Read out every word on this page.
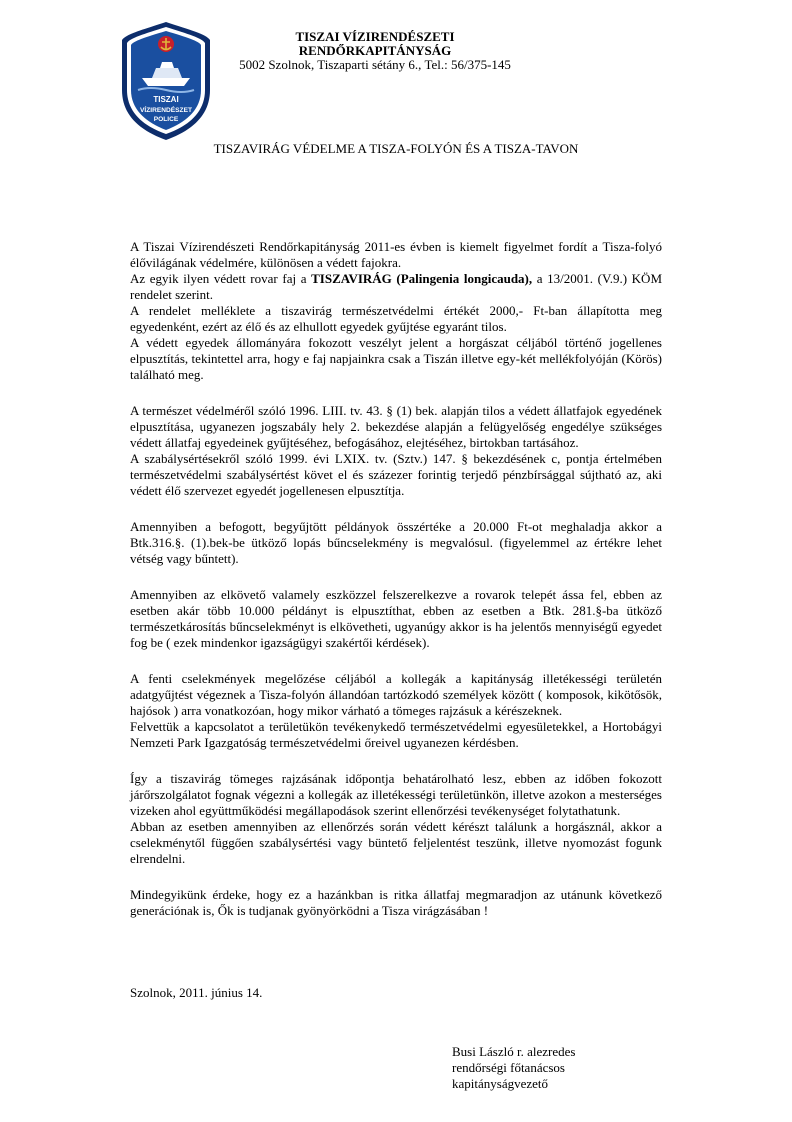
TISZAI
VÍZIRENDÉSZET
POLICE

TISZAI VÍZIRENDÉSZETI

RENDŐRKAPITÁNYSÁG

5002 Szolnok, Tiszaparti sétány 6., Tel.: 56/375-145

TISZAVIRÁG VÉDELME A TISZA-FOLYÓN ÉS A TISZA-TAVON

A Tiszai Vízirendészeti Rendőrkapitányság 2011-es évben is kiemelt figyelmet fordít a Tisza-folyó élővilágának védelmére, különösen a védett fajokra.

Az egyik ilyen védett rovar faj a TISZAVIRÁG (Palingenia longicauda), a 13/2001. (V.9.) KÖM rendelet szerint.

A rendelet melléklete a tiszavirág természetvédelmi értékét 2000,- Ft-ban állapította meg egyedenként, ezért az élő és az elhullott egyedek gyűjtése egyaránt tilos.

A védett egyedek állományára fokozott veszélyt jelent a horgászat céljából történő jogellenes elpusztítás, tekintettel arra, hogy e faj napjainkra csak a Tiszán illetve egy-két mellékfolyóján (Körös) található meg.

A természet védelméről szóló 1996. LIII. tv. 43. § (1) bek. alapján tilos a védett állatfajok egyedének elpusztítása, ugyanezen jogszabály hely 2. bekezdése alapján a felügyelőség engedélye szükséges védett állatfaj egyedeinek gyűjtéséhez, befogásához, elejtéséhez, birtokban tartásához.

A szabálysértésekről szóló 1999. évi LXIX. tv. (Sztv.) 147. § bekezdésének c, pontja értelmében természetvédelmi szabálysértést követ el és százezer forintig terjedő pénzbírsággal sújtható az, aki védett élő szervezet egyedét jogellenesen elpusztítja.

Amennyiben a befogott, begyűjtött példányok összértéke a 20.000 Ft-ot meghaladja akkor a Btk.316.§. (1).bek-be ütköző lopás bűncselekmény is megvalósul. (figyelemmel az értékre lehet vétség vagy bűntett).

Amennyiben az elkövető valamely eszközzel felszerelkezve a rovarok telepét ássa fel, ebben az esetben akár több 10.000 példányt is elpusztíthat, ebben az esetben a Btk. 281.§-ba ütköző természetkárosítás bűncselekményt is elkövetheti, ugyanúgy akkor is ha jelentős mennyiségű egyedet fog be ( ezek mindenkor igazságügyi szakértői kérdések).

A fenti cselekmények megelőzése céljából a kollegák a kapitányság illetékességi területén adatgyűjtést végeznek a Tisza-folyón állandóan tartózkodó személyek között ( komposok, kikötősök, hajósok ) arra vonatkozóan, hogy mikor várható a tömeges rajzásuk a kérészeknek.

Felvettük a kapcsolatot a területükön tevékenykedő természetvédelmi egyesületekkel, a Hortobágyi Nemzeti Park Igazgatóság természetvédelmi őreivel ugyanezen kérdésben.

Így a tiszavirág tömeges rajzásának időpontja behatárolható lesz, ebben az időben fokozott járőrszolgálatot fognak végezni a kollegák az illetékességi területünkön, illetve azokon a mesterséges vizeken ahol együttműködési megállapodások szerint ellenőrzési tevékenységet folytathatunk.

Abban az esetben amennyiben az ellenőrzés során védett kérészt találunk a horgásznál, akkor a cselekménytől függően szabálysértési vagy büntető feljelentést teszünk, illetve nyomozást fogunk elrendelni.

Mindegyikünk érdeke, hogy ez a hazánkban is ritka állatfaj megmaradjon az utánunk következő generációnak is, Ők is tudjanak gyönyörködni a Tisza virágzásában !

Szolnok, 2011. június 14.

Busi László r. alezredes

rendőrségi főtanácsos

kapitányságvezető
